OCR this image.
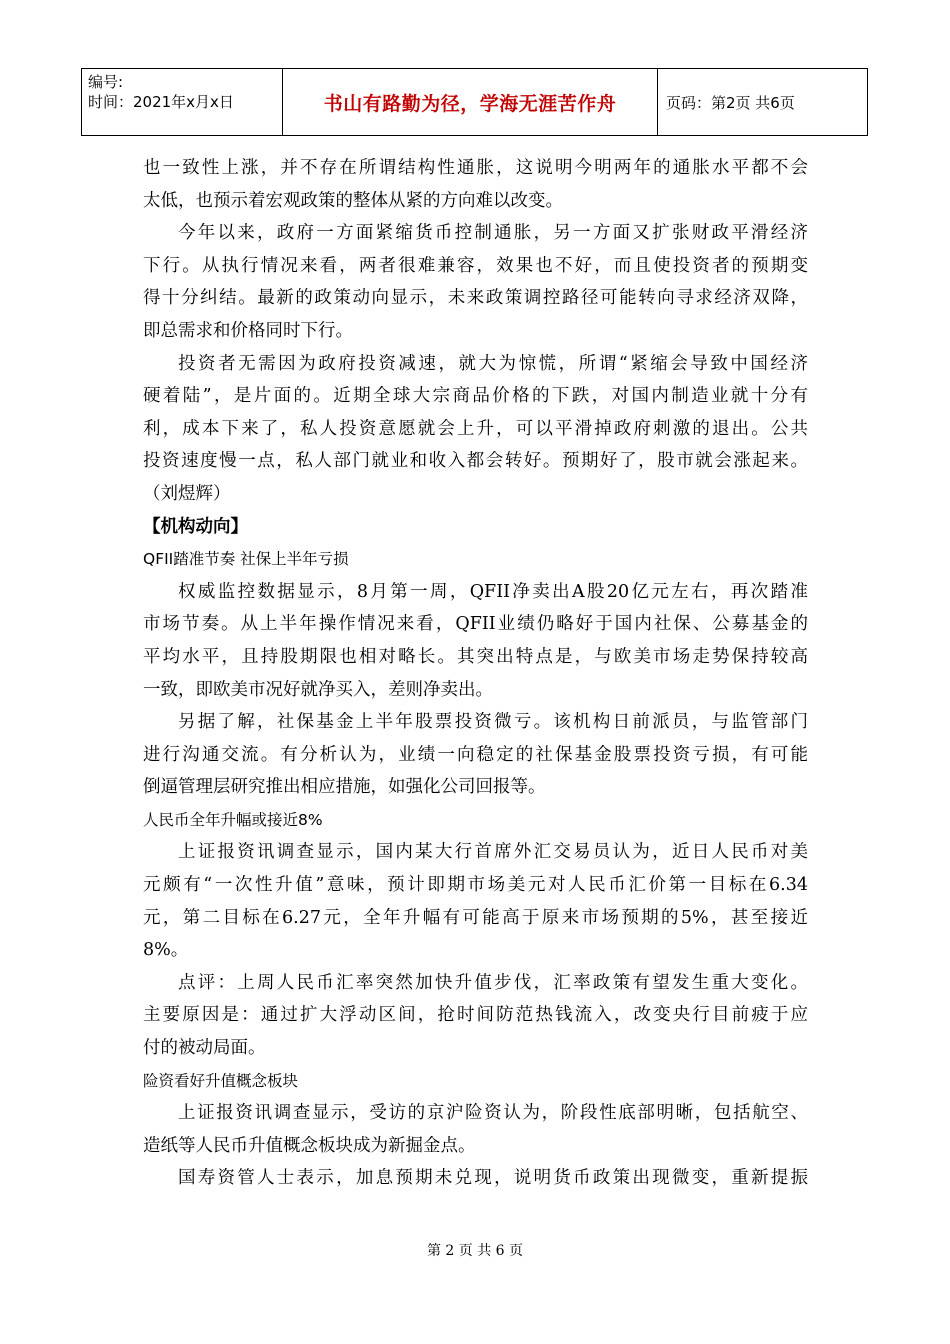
编号:
时间：2021年x月x日	书山有路勤为径，学海无涯苦作舟	页码：第2页 共6页
也一致性上涨，并不存在所谓结构性通胀，这说明今明两年的通胀水平都不会
太低，也预示着宏观政策的整体从紧的方向难以改变。
今年以来，政府一方面紧缩货币控制通胀，另一方面又扩张财政平滑经济
下行。从执行情况来看，两者很难兼容，效果也不好，而且使投资者的预期变
得十分纠结。最新的政策动向显示，未来政策调控路径可能转向寻求经济双降，
即总需求和价格同时下行。
投资者无需因为政府投资减速，就大为惊慌，所谓“紧缩会导致中国经济
硬着陆”，是片面的。近期全球大宗商品价格的下跌，对国内制造业就十分有
利，成本下来了，私人投资意愿就会上升，可以平滑掉政府刺激的退出。公共
投资速度慢一点，私人部门就业和收入都会转好。预期好了，股市就会涨起来。
（刘煜辉）
【机构动向】
QFII踏准节奏 社保上半年亏损
权威监控数据显示，8月第一周，QFII净卖出A股20亿元左右，再次踏准
市场节奏。从上半年操作情况来看，QFII业绩仍略好于国内社保、公募基金的
平均水平，且持股期限也相对略长。其突出特点是，与欧美市场走势保持较高
一致，即欧美市况好就净买入，差则净卖出。
另据了解，社保基金上半年股票投资微亏。该机构日前派员，与监管部门
进行沟通交流。有分析认为，业绩一向稳定的社保基金股票投资亏损，有可能
倒逼管理层研究推出相应措施，如强化公司回报等。
人民币全年升幅或接近8%
上证报资讯调查显示，国内某大行首席外汇交易员认为，近日人民币对美
元颇有“一次性升值”意味，预计即期市场美元对人民币汇价第一目标在6.34
元，第二目标在6.27元，全年升幅有可能高于原来市场预期的5%，甚至接近
8%。
点评：上周人民币汇率突然加快升值步伐，汇率政策有望发生重大变化。
主要原因是：通过扩大浮动区间，抢时间防范热钱流入，改变央行目前疲于应
付的被动局面。
险资看好升值概念板块
上证报资讯调查显示，受访的京沪险资认为，阶段性底部明晰，包括航空、
造纸等人民币升值概念板块成为新掘金点。
国寿资管人士表示，加息预期未兑现，说明货币政策出现微变，重新提振
第 2 页 共 6 页
